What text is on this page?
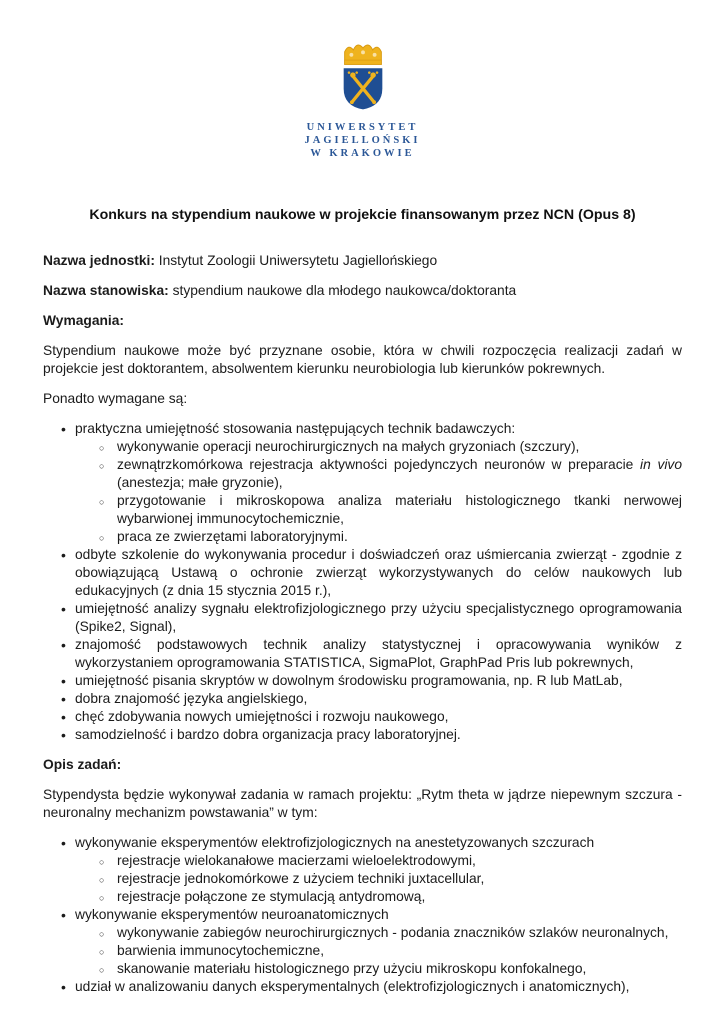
UNIWERSYTET
JAGIELLOŃSKI
W KRAKOWIE
Konkurs na stypendium naukowe w projekcie finansowanym przez NCN (Opus 8)

Nazwa jednostki: Instytut Zoologii Uniwersytetu Jagiellońskiego

Nazwa stanowiska: stypendium naukowe dla młodego naukowca/doktoranta

Wymagania:

Stypendium naukowe może być przyznane osobie, która w chwili rozpoczęcia realizacji zadań w projekcie jest doktorantem, absolwentem kierunku neurobiologia lub kierunków pokrewnych.

Ponadto wymagane są:

• praktyczna umiejętność stosowania następujących technik badawczych:
○ wykonywanie operacji neurochirurgicznych na małych gryzoniach (szczury),
○ zewnątrzkomórkowa rejestracja aktywności pojedynczych neuronów w preparacie in vivo (anestezja; małe gryzonie),
○ przygotowanie i mikroskopowa analiza materiału histologicznego tkanki nerwowej wybarwionej immunocytochemicznie,
○ praca ze zwierzętami laboratoryjnymi.
• odbyte szkolenie do wykonywania procedur i doświadczeń oraz uśmiercania zwierząt - zgodnie z obowiązującą Ustawą o ochronie zwierząt wykorzystywanych do celów naukowych lub edukacyjnych (z dnia 15 stycznia 2015 r.),
• umiejętność analizy sygnału elektrofizjologicznego przy użyciu specjalistycznego oprogramowania (Spike2, Signal),
• znajomość podstawowych technik analizy statystycznej i opracowywania wyników z wykorzystaniem oprogramowania STATISTICA, SigmaPlot, GraphPad Pris lub pokrewnych,
• umiejętność pisania skryptów w dowolnym środowisku programowania, np. R lub MatLab,
• dobra znajomość języka angielskiego,
• chęć zdobywania nowych umiejętności i rozwoju naukowego,
• samodzielność i bardzo dobra organizacja pracy laboratoryjnej.

Opis zadań:

Stypendysta będzie wykonywał zadania w ramach projektu: „Rytm theta w jądrze niepewnym szczura - neuronalny mechanizm powstawania” w tym:

• wykonywanie eksperymentów elektrofizjologicznych na anestetyzowanych szczurach
○ rejestracje wielokanałowe macierzami wieloelektrodowymi,
○ rejestracje jednokomórkowe z użyciem techniki juxtacellular,
○ rejestracje połączone ze stymulacją antydromową,
• wykonywanie eksperymentów neuroanatomicznych
○ wykonywanie zabiegów neurochirurgicznych - podania znaczników szlaków neuronalnych,
○ barwienia immunocytochemiczne,
○ skanowanie materiału histologicznego przy użyciu mikroskopu konfokalnego,
• udział w analizowaniu danych eksperymentalnych (elektrofizjologicznych i anatomicznych),
